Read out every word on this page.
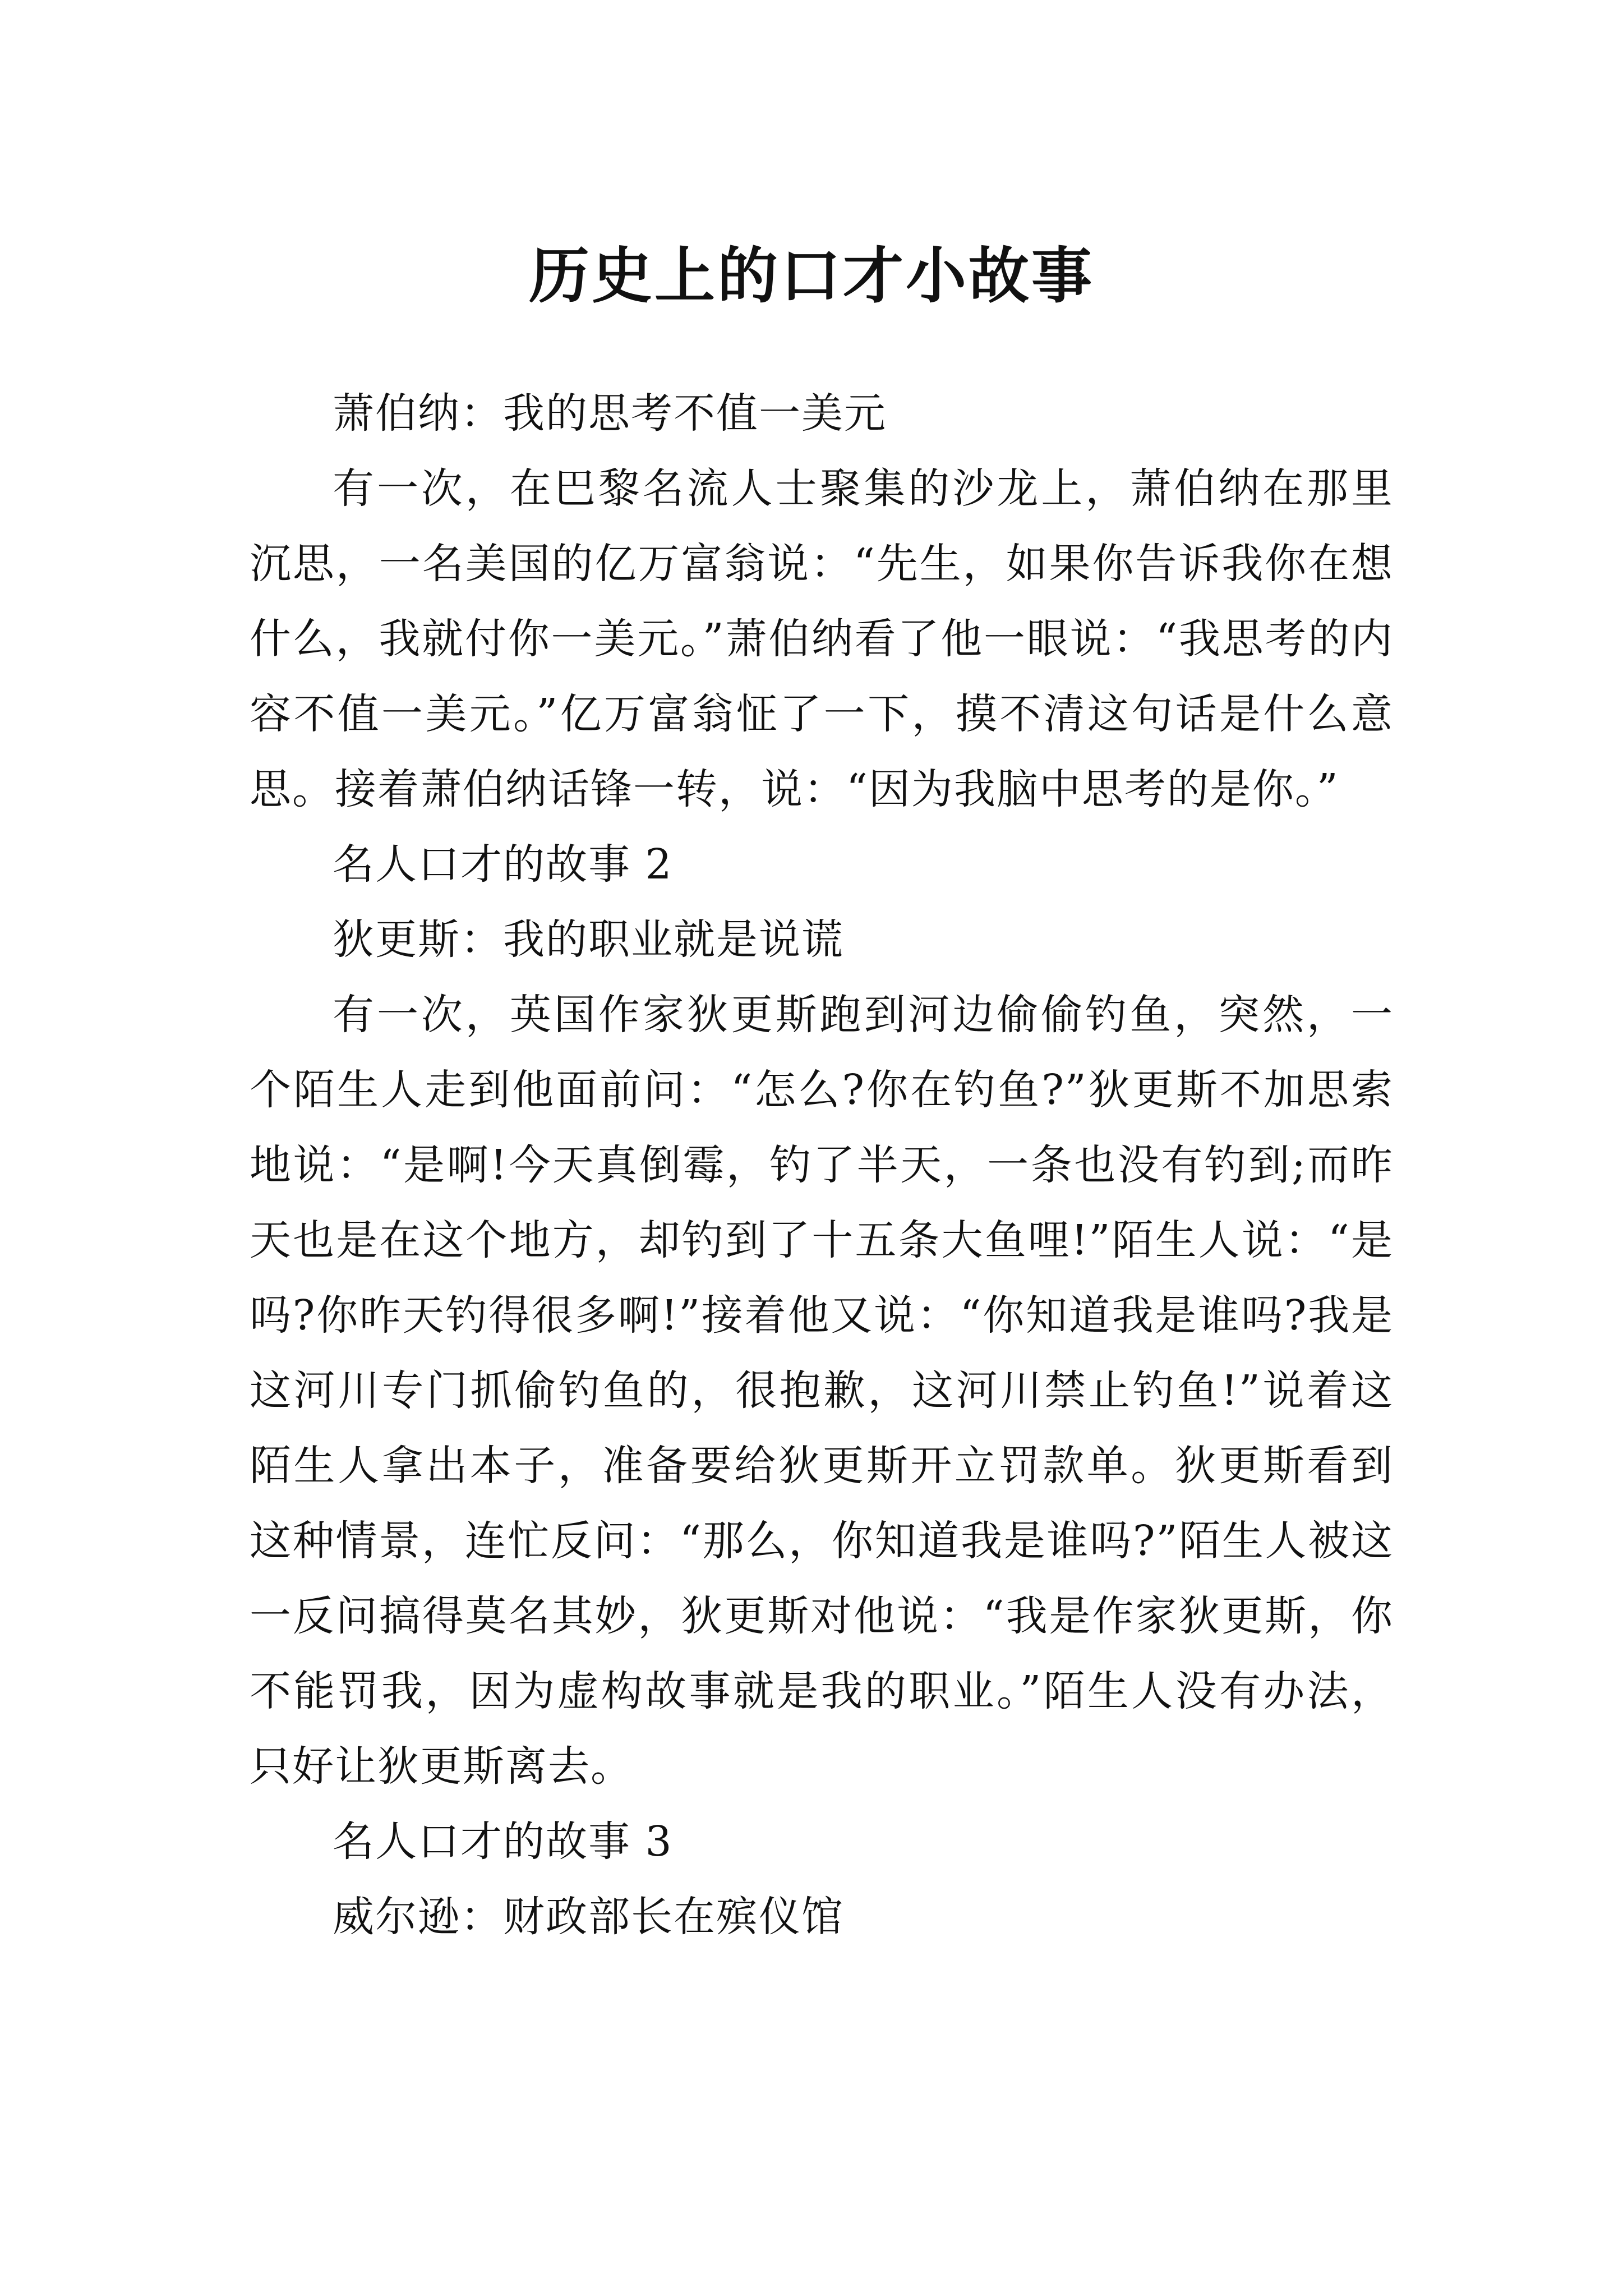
历史上的口才小故事

萧伯纳：我的思考不值一美元

有一次，在巴黎名流人士聚集的沙龙上，萧伯纳在那里沉思，一名美国的亿万富翁说：“先生，如果你告诉我你在想什么，我就付你一美元。”萧伯纳看了他一眼说：“我思考的内容不值一美元。”亿万富翁怔了一下，摸不清这句话是什么意思。接着萧伯纳话锋一转，说：“因为我脑中思考的是你。”

名人口才的故事 2

狄更斯：我的职业就是说谎

有一次，英国作家狄更斯跑到河边偷偷钓鱼，突然，一个陌生人走到他面前问：“怎么?你在钓鱼?”狄更斯不加思索地说：“是啊!今天真倒霉，钓了半天，一条也没有钓到;而昨天也是在这个地方，却钓到了十五条大鱼哩!”陌生人说：“是吗?你昨天钓得很多啊!”接着他又说：“你知道我是谁吗?我是这河川专门抓偷钓鱼的，很抱歉，这河川禁止钓鱼!”说着这陌生人拿出本子，准备要给狄更斯开立罚款单。狄更斯看到这种情景，连忙反问：“那么，你知道我是谁吗?”陌生人被这一反问搞得莫名其妙，狄更斯对他说：“我是作家狄更斯，你不能罚我，因为虚构故事就是我的职业。”陌生人没有办法，只好让狄更斯离去。

名人口才的故事 3

威尔逊：财政部长在殡仪馆
